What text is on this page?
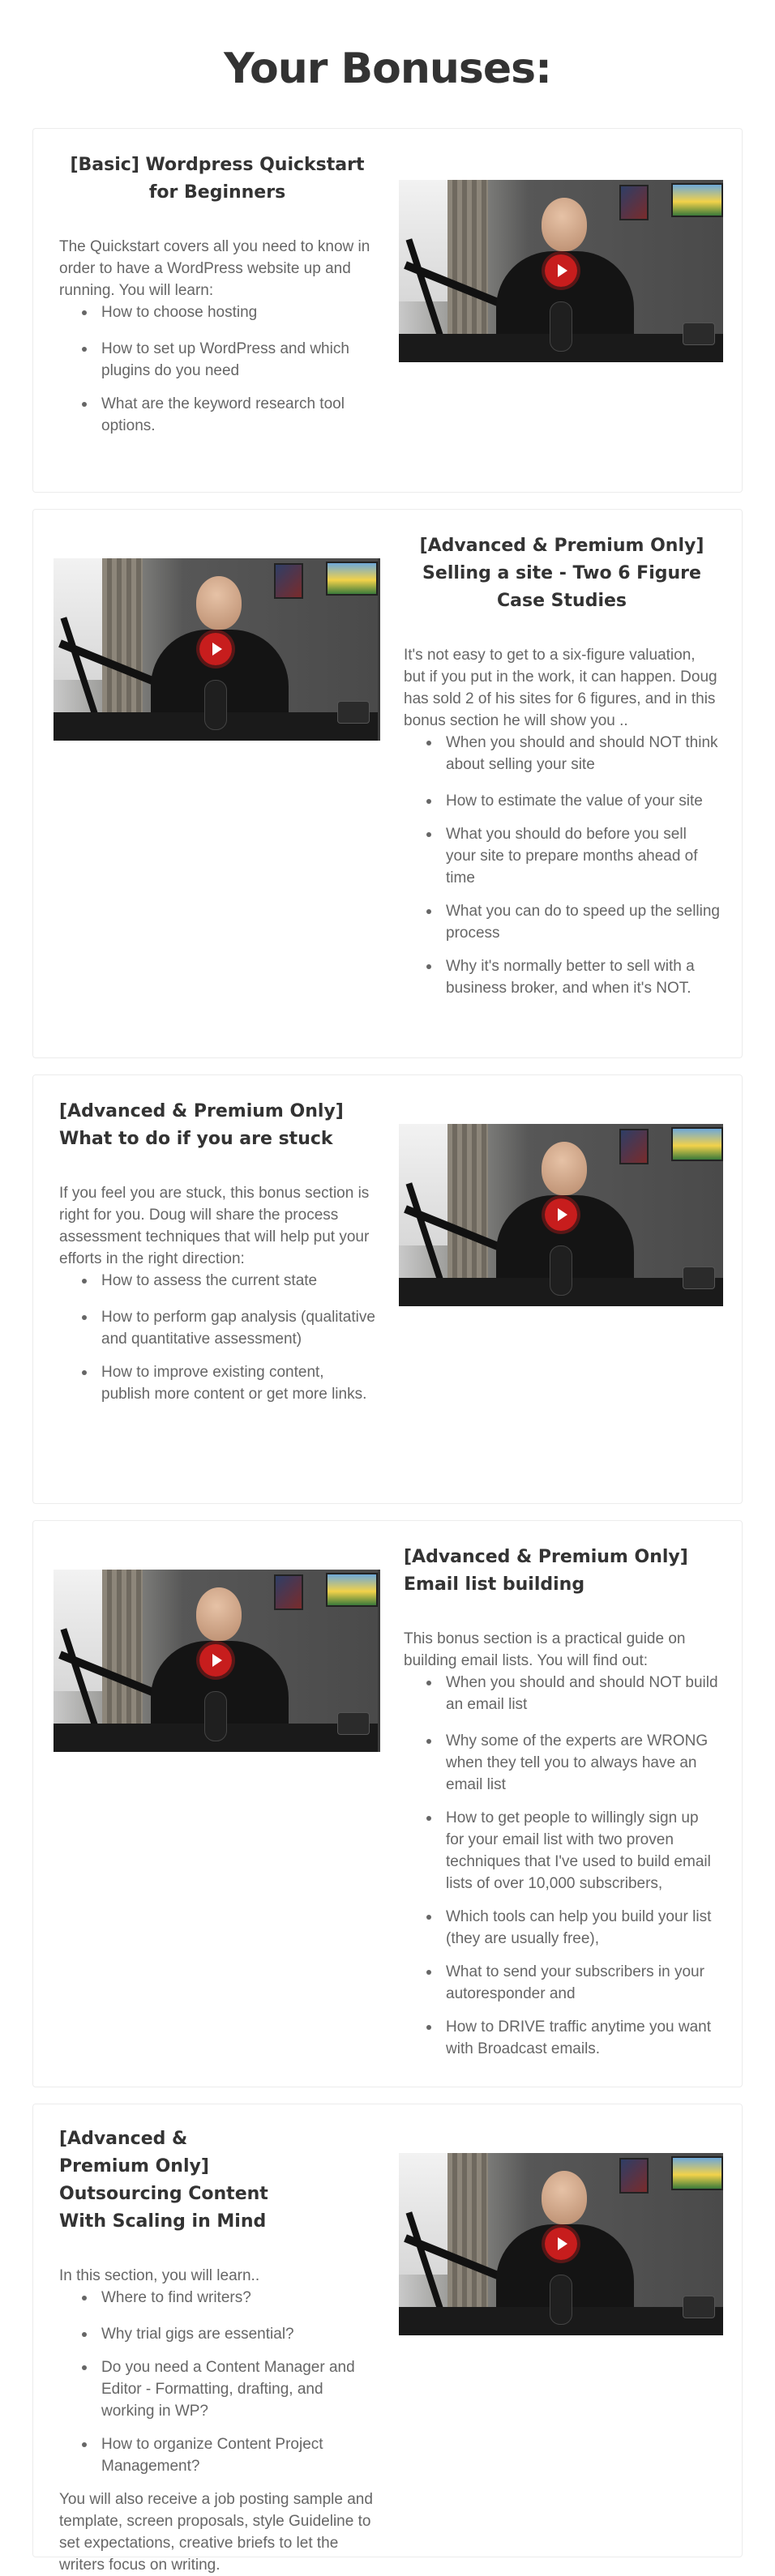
Your Bonuses:
[Basic] Wordpress Quickstart for Beginners

The Quickstart covers all you need to know in order to have a WordPress website up and running. You will learn:

How to choose hosting
How to set up WordPress and which plugins do you need
What are the keyword research tool options.
[Advanced & Premium Only] Selling a site - Two 6 Figure Case Studies

It's not easy to get to a six-figure valuation, but if you put in the work, it can happen. Doug has sold 2 of his sites for 6 figures, and in this bonus section he will show you ..

When you should and should NOT think about selling your site
How to estimate the value of your site
What you should do before you sell your site to prepare months ahead of time
What you can do to speed up the selling process
Why it's normally better to sell with a business broker, and when it's NOT.
[Advanced & Premium Only] What to do if you are stuck

If you feel you are stuck, this bonus section is right for you. Doug will share the process assessment techniques that will help put your efforts in the right direction:

How to assess the current state
How to perform gap analysis (qualitative and quantitative assessment)
How to improve existing content, publish more content or get more links.
[Advanced & Premium Only] Email list building

This bonus section is a practical guide on building email lists. You will find out:

When you should and should NOT build an email list
Why some of the experts are WRONG when they tell you to always have an email list
How to get people to willingly sign up for your email list with two proven techniques that I've used to build email lists of over 10,000 subscribers,
Which tools can help you build your list (they are usually free),
What to send your subscribers in your autoresponder and
How to DRIVE traffic anytime you want with Broadcast emails.
[Advanced & Premium Only] Outsourcing Content With Scaling in Mind

In this section, you will learn..

Where to find writers?
Why trial gigs are essential?
Do you need a Content Manager and Editor - Formatting, drafting, and working in WP?
How to organize Content Project Management?

You will also receive a job posting sample and template, screen proposals, style Guideline to set expectations, creative briefs to let the writers focus on writing.
